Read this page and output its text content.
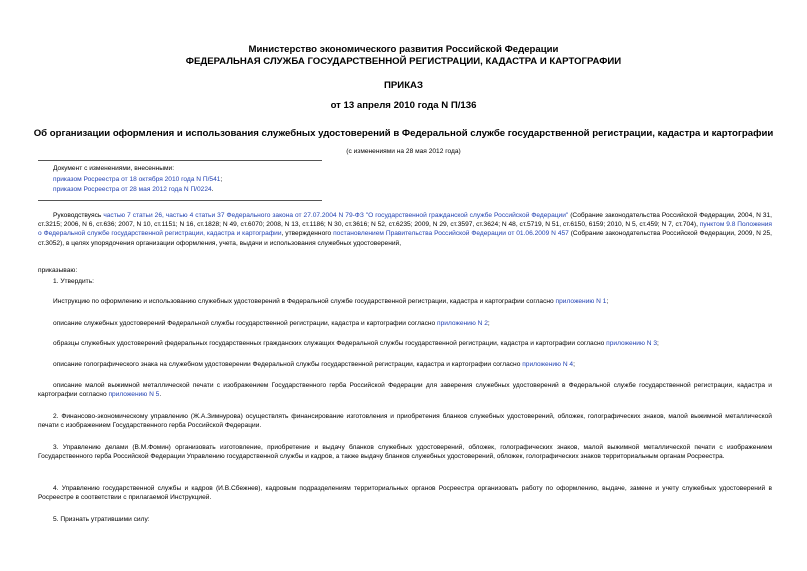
Министерство экономического развития Российской Федерации
ФЕДЕРАЛЬНАЯ СЛУЖБА ГОСУДАРСТВЕННОЙ РЕГИСТРАЦИИ, КАДАСТРА И КАРТОГРАФИИ
ПРИКАЗ
от 13 апреля 2010 года N П/136
Об организации оформления и использования служебных удостоверений в Федеральной службе государственной регистрации, кадастра и картографии
(с изменениями на 28 мая 2012 года)
Документ с изменениями, внесенными:
приказом Росреестра от 18 октября 2010 года N П/541;
приказом Росреестра от 28 мая 2012 года N П/0224.
Руководствуясь частью 7 статьи 26, частью 4 статьи 37 Федерального закона от 27.07.2004 N 79-ФЗ "О государственной гражданской службе Российской Федерации" (Собрание законодательства Российской Федерации, 2004, N 31, ст.3215; 2006, N 6, ст.636; 2007, N 10, ст.1151; N 16, ст.1828; N 49, ст.6070; 2008, N 13, ст.1186; N 30, ст.3616; N 52, ст.6235; 2009, N 29, ст.3597, ст.3624; N 48, ст.5719, N 51, ст.6150, 6159; 2010, N 5, ст.459; N 7, ст.704), пунктом 9.8 Положения о Федеральной службе государственной регистрации, кадастра и картографии, утвержденного постановлением Правительства Российской Федерации от 01.06.2009 N 457 (Собрание законодательства Российской Федерации, 2009, N 25, ст.3052), в целях упорядочения организации оформления, учета, выдачи и использования служебных удостоверений,
приказываю:
1. Утвердить:
Инструкцию по оформлению и использованию служебных удостоверений в Федеральной службе государственной регистрации, кадастра и картографии согласно приложению N 1;
описание служебных удостоверений Федеральной службы государственной регистрации, кадастра и картографии согласно приложению N 2;
образцы служебных удостоверений федеральных государственных гражданских служащих Федеральной службы государственной регистрации, кадастра и картографии согласно приложению N 3;
описание голографического знака на служебном удостоверении Федеральной службы государственной регистрации, кадастра и картографии согласно приложению N 4;
описание малой выжимной металлической печати с изображением Государственного герба Российской Федерации для заверения служебных удостоверений в Федеральной службе государственной регистрации, кадастра и картографии согласно приложению N 5.
2. Финансово-экономическому управлению (Ж.А.Зимнурова) осуществлять финансирование изготовления и приобретения бланков служебных удостоверений, обложек, голографических знаков, малой выжимной металлической печати с изображением Государственного герба Российской Федерации.
3. Управлению делами (В.М.Фомин) организовать изготовление, приобретение и выдачу бланков служебных удостоверений, обложек, голографических знаков, малой выжимной металлической печати с изображением Государственного герба Российской Федерации Управлению государственной службы и кадров, а также выдачу бланков служебных удостоверений, обложек, голографических знаков территориальным органам Росреестра.
4. Управлению государственной службы и кадров (И.В.Сбежнев), кадровым подразделениям территориальных органов Росреестра организовать работу по оформлению, выдаче, замене и учету служебных удостоверений в Росреестре в соответствии с прилагаемой Инструкцией.
5. Признать утратившими силу:
